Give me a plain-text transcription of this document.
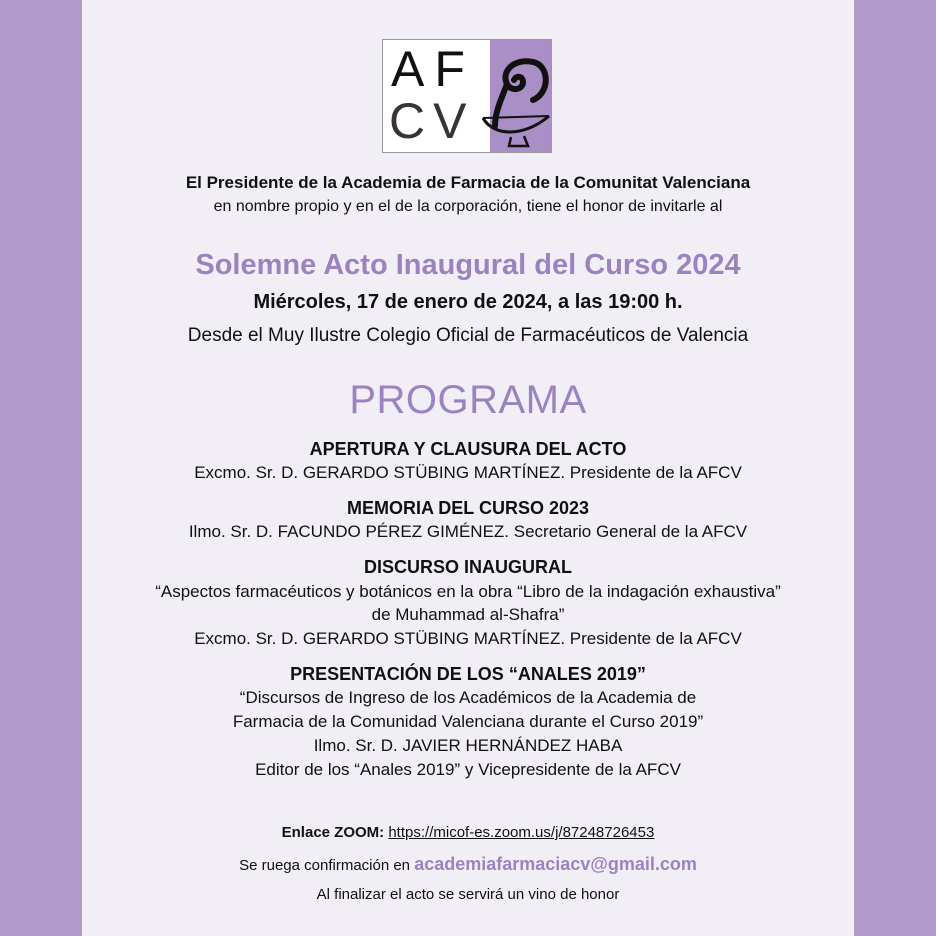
AF
CV
El Presidente de la Academia de Farmacia de la Comunitat Valenciana
en nombre propio y en el de la corporación, tiene el honor de invitarle al
Solemne Acto Inaugural del Curso 2024
Miércoles, 17 de enero de 2024, a las 19:00 h.
Desde el Muy Ilustre Colegio Oficial de Farmacéuticos de Valencia
PROGRAMA
APERTURA Y CLAUSURA DEL ACTO
Excmo. Sr. D. GERARDO STÜBING MARTÍNEZ. Presidente de la AFCV
MEMORIA DEL CURSO 2023
Ilmo. Sr. D. FACUNDO PÉREZ GIMÉNEZ. Secretario General de la AFCV
DISCURSO INAUGURAL
“Aspectos farmacéuticos y botánicos en la obra “Libro de la indagación exhaustiva”
de Muhammad al-Shafra”
Excmo. Sr. D. GERARDO STÜBING MARTÍNEZ. Presidente de la AFCV
PRESENTACIÓN DE LOS “ANALES 2019”
“Discursos de Ingreso de los Académicos de la Academia de
Farmacia de la Comunidad Valenciana durante el Curso 2019”
Ilmo. Sr. D. JAVIER HERNÁNDEZ HABA
Editor de los “Anales 2019” y Vicepresidente de la AFCV
Enlace ZOOM: https://micof-es.zoom.us/j/87248726453
Se ruega confirmación en academiafarmaciacv@gmail.com
Al finalizar el acto se servirá un vino de honor
